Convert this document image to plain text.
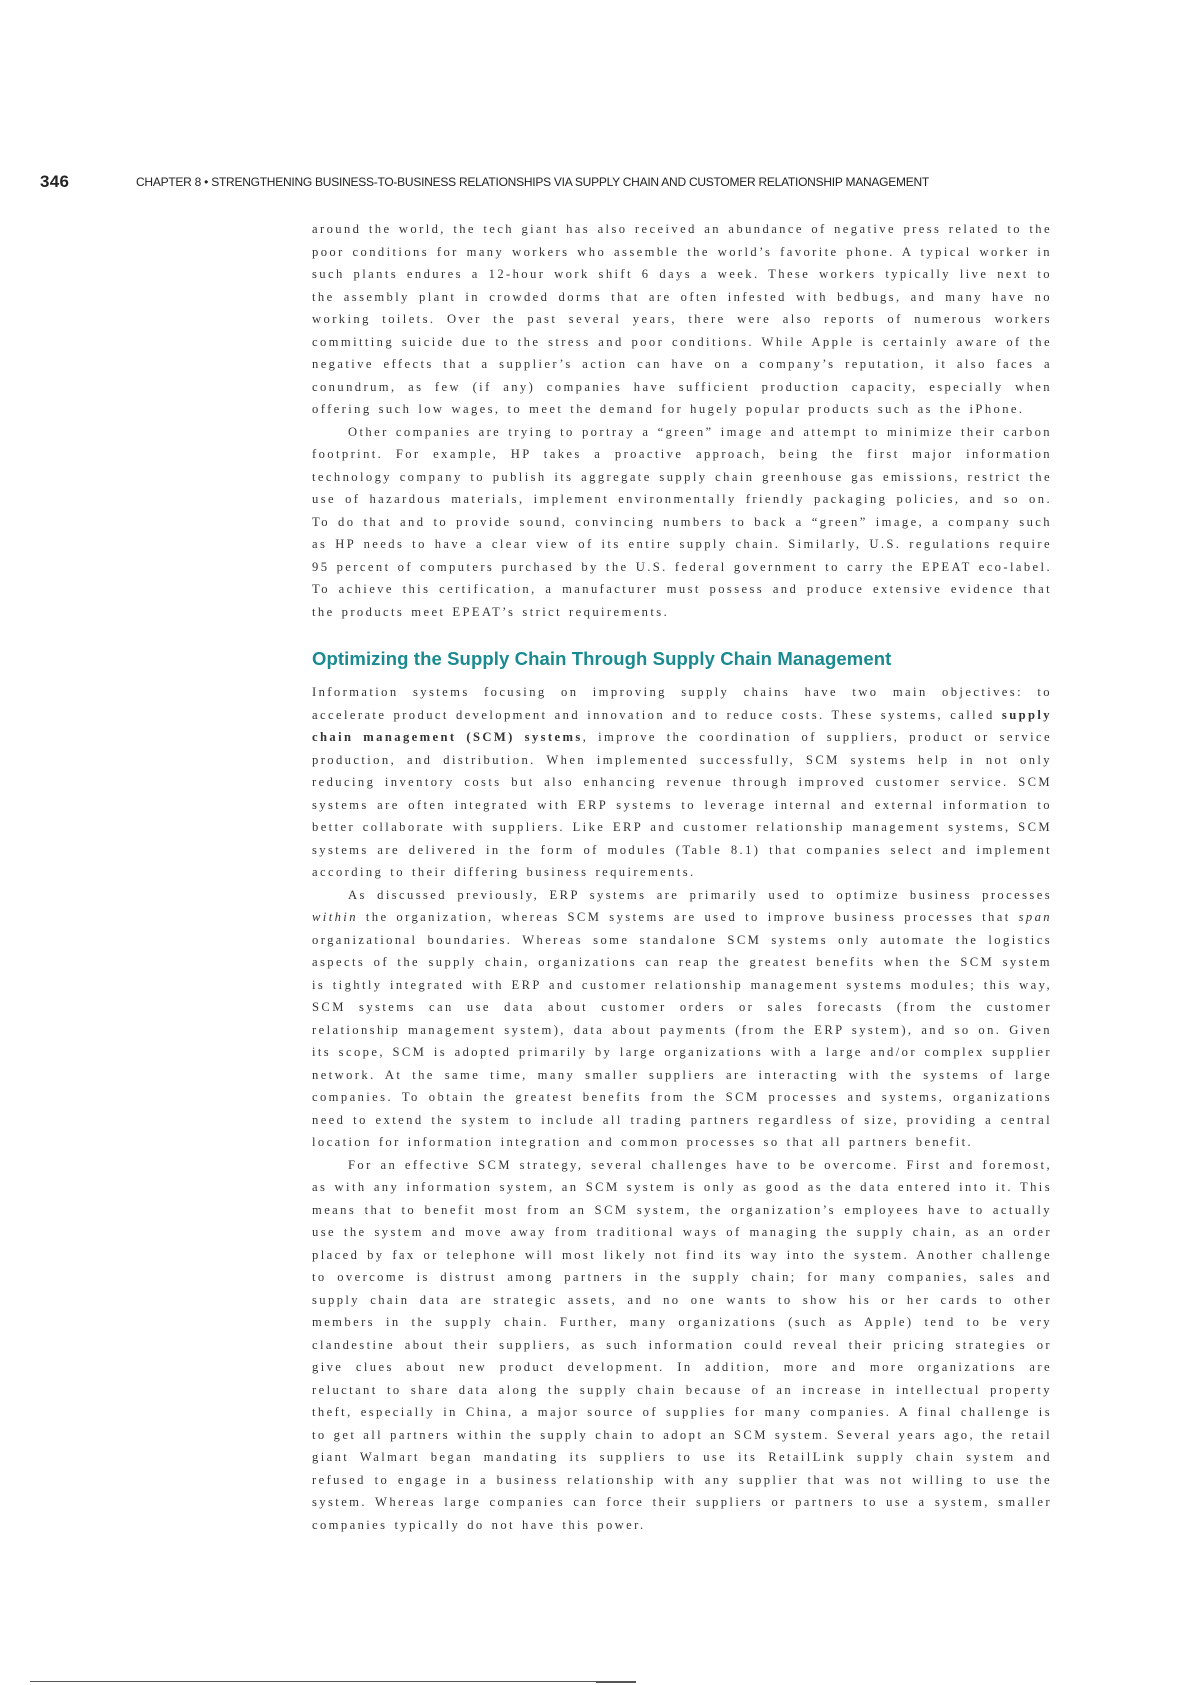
346	CHAPTER 8 • STRENGTHENING BUSINESS-TO-BUSINESS RELATIONSHIPS VIA SUPPLY CHAIN AND CUSTOMER RELATIONSHIP MANAGEMENT

around the world, the tech giant has also received an abundance of negative press related to the poor conditions for many workers who assemble the world’s favorite phone. A typical worker in such plants endures a 12-hour work shift 6 days a week. These workers typically live next to the assembly plant in crowded dorms that are often infested with bedbugs, and many have no working toilets. Over the past several years, there were also reports of numerous workers committing suicide due to the stress and poor conditions. While Apple is certainly aware of the negative effects that a supplier’s action can have on a company’s reputation, it also faces a conundrum, as few (if any) companies have sufficient production capacity, especially when offering such low wages, to meet the demand for hugely popular products such as the iPhone.

Other companies are trying to portray a “green” image and attempt to minimize their carbon footprint. For example, HP takes a proactive approach, being the first major information technology company to publish its aggregate supply chain greenhouse gas emissions, restrict the use of hazardous materials, implement environmentally friendly packaging policies, and so on. To do that and to provide sound, convincing numbers to back a “green” image, a company such as HP needs to have a clear view of its entire supply chain. Similarly, U.S. regulations require 95 percent of computers purchased by the U.S. federal government to carry the EPEAT eco-label. To achieve this certification, a manufacturer must possess and produce extensive evidence that the products meet EPEAT’s strict requirements.

Optimizing the Supply Chain Through Supply Chain Management

Information systems focusing on improving supply chains have two main objectives: to accelerate product development and innovation and to reduce costs. These systems, called supply chain management (SCM) systems, improve the coordination of suppliers, product or service production, and distribution. When implemented successfully, SCM systems help in not only reducing inventory costs but also enhancing revenue through improved customer service. SCM systems are often integrated with ERP systems to leverage internal and external information to better collaborate with suppliers. Like ERP and customer relationship management systems, SCM systems are delivered in the form of modules (Table 8.1) that companies select and implement according to their differing business requirements.

As discussed previously, ERP systems are primarily used to optimize business processes within the organization, whereas SCM systems are used to improve business processes that span organizational boundaries. Whereas some standalone SCM systems only automate the logistics aspects of the supply chain, organizations can reap the greatest benefits when the SCM system is tightly integrated with ERP and customer relationship management systems modules; this way, SCM systems can use data about customer orders or sales forecasts (from the customer relationship management system), data about payments (from the ERP system), and so on. Given its scope, SCM is adopted primarily by large organizations with a large and/or complex supplier network. At the same time, many smaller suppliers are interacting with the systems of large companies. To obtain the greatest benefits from the SCM processes and systems, organizations need to extend the system to include all trading partners regardless of size, providing a central location for information integration and common processes so that all partners benefit.

For an effective SCM strategy, several challenges have to be overcome. First and foremost, as with any information system, an SCM system is only as good as the data entered into it. This means that to benefit most from an SCM system, the organization’s employees have to actually use the system and move away from traditional ways of managing the supply chain, as an order placed by fax or telephone will most likely not find its way into the system. Another challenge to overcome is distrust among partners in the supply chain; for many companies, sales and supply chain data are strategic assets, and no one wants to show his or her cards to other members in the supply chain. Further, many organizations (such as Apple) tend to be very clandestine about their suppliers, as such information could reveal their pricing strategies or give clues about new product development. In addition, more and more organizations are reluctant to share data along the supply chain because of an increase in intellectual property theft, especially in China, a major source of supplies for many companies. A final challenge is to get all partners within the supply chain to adopt an SCM system. Several years ago, the retail giant Walmart began mandating its suppliers to use its RetailLink supply chain system and refused to engage in a business relationship with any supplier that was not willing to use the system. Whereas large companies can force their suppliers or partners to use a system, smaller companies typically do not have this power.
